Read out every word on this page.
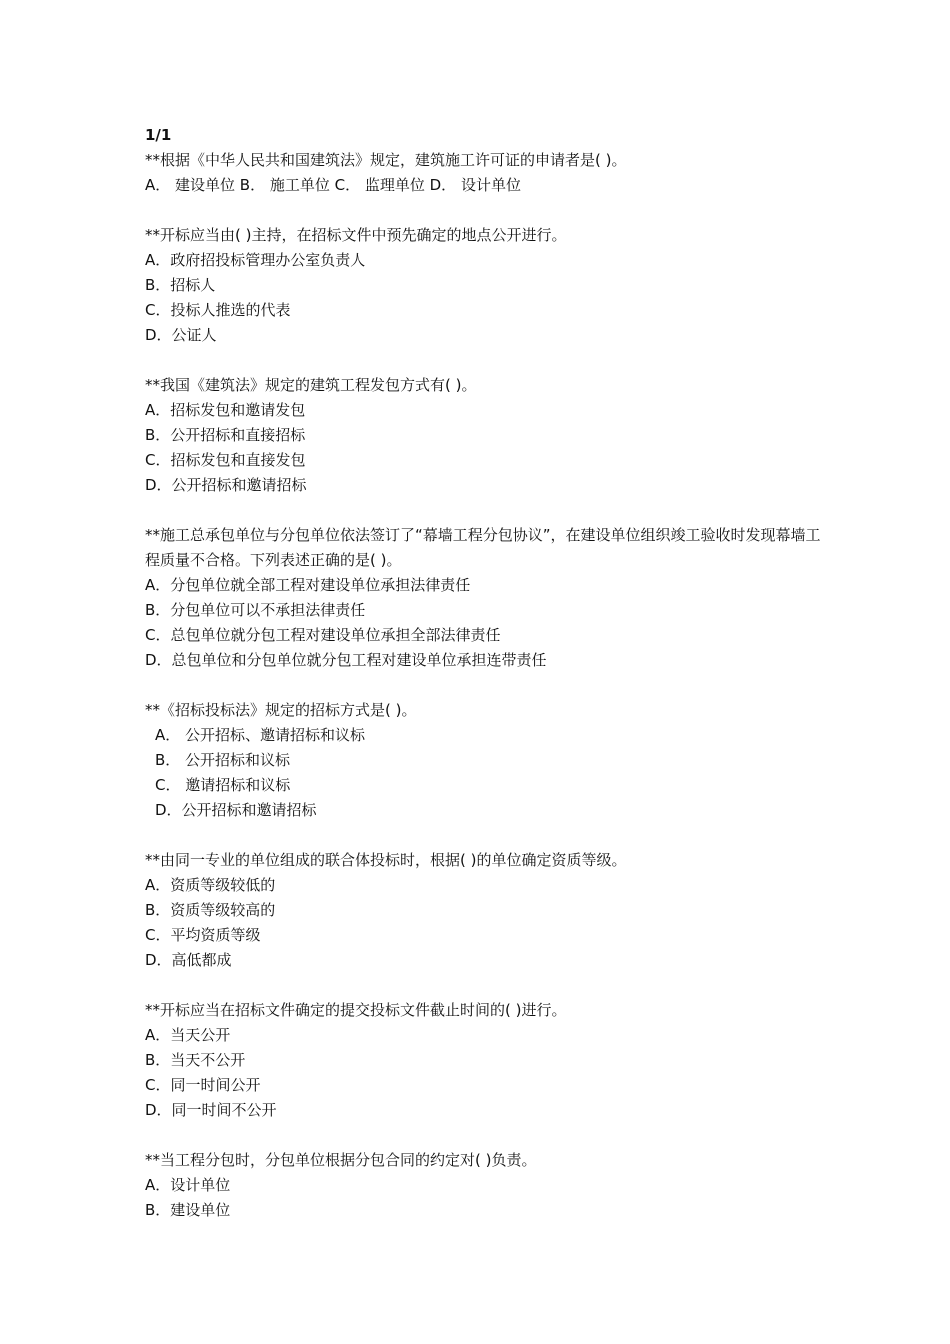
1/1
**根据《中华人民共和国建筑法》规定，建筑施工许可证的申请者是( )。
A． 建设单位 B． 施工单位 C． 监理单位 D． 设计单位
**开标应当由( )主持，在招标文件中预先确定的地点公开进行。
A．政府招投标管理办公室负责人
B．招标人
C．投标人推选的代表
D．公证人
**我国《建筑法》规定的建筑工程发包方式有( )。
A．招标发包和邀请发包
B．公开招标和直接招标
C．招标发包和直接发包
D．公开招标和邀请招标
**施工总承包单位与分包单位依法签订了“幕墙工程分包协议”，在建设单位组织竣工验收时发现幕墙工程质量不合格。下列表述正确的是( )。
A．分包单位就全部工程对建设单位承担法律责任
B．分包单位可以不承担法律责任
C．总包单位就分包工程对建设单位承担全部法律责任
D．总包单位和分包单位就分包工程对建设单位承担连带责任
**《招标投标法》规定的招标方式是( )。
A． 公开招标、邀请招标和议标
B． 公开招标和议标
C． 邀请招标和议标
D．公开招标和邀请招标
**由同一专业的单位组成的联合体投标时，根据( )的单位确定资质等级。
A．资质等级较低的
B．资质等级较高的
C．平均资质等级
D．高低都成
**开标应当在招标文件确定的提交投标文件截止时间的( )进行。
A．当天公开
B．当天不公开
C．同一时间公开
D．同一时间不公开
**当工程分包时，分包单位根据分包合同的约定对( )负责。
A．设计单位
B．建设单位
